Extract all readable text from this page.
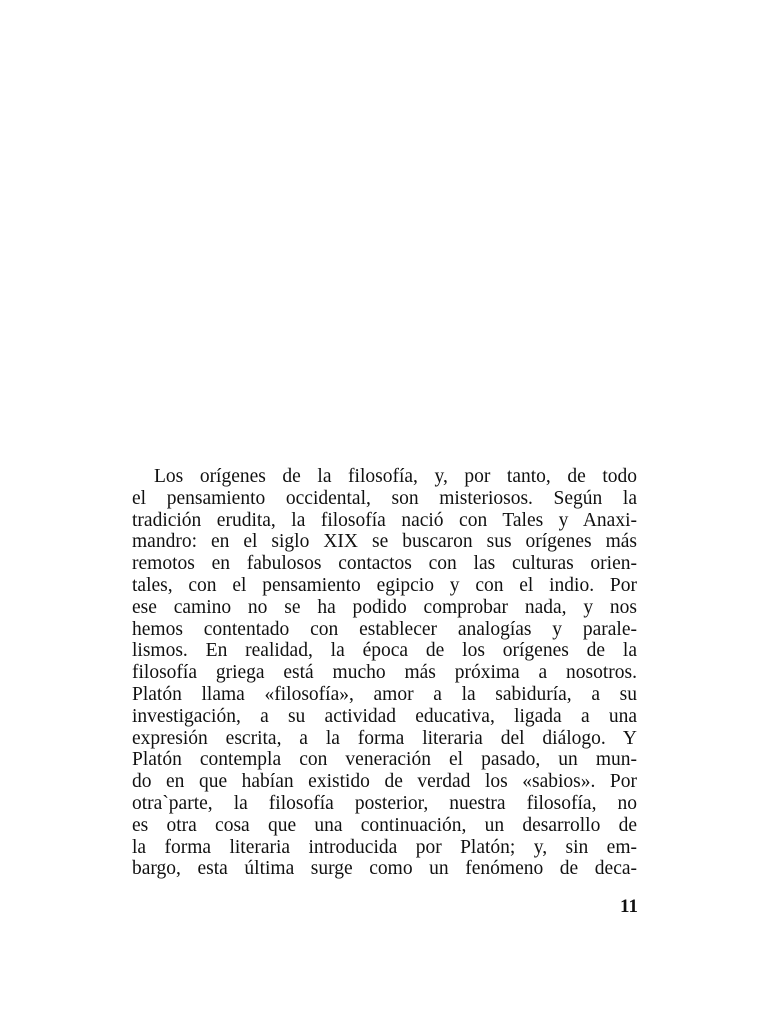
Los orígenes de la filosofía, y, por tanto, de todo
el pensamiento occidental, son misteriosos. Según la
tradición erudita, la filosofía nació con Tales y Anaxi-
mandro: en el siglo XIX se buscaron sus orígenes más
remotos en fabulosos contactos con las culturas orien-
tales, con el pensamiento egipcio y con el indio. Por
ese camino no se ha podido comprobar nada, y nos
hemos contentado con establecer analogías y parale-
lismos. En realidad, la época de los orígenes de la
filosofía griega está mucho más próxima a nosotros.
Platón llama «filosofía», amor a la sabiduría, a su
investigación, a su actividad educativa, ligada a una
expresión escrita, a la forma literaria del diálogo. Y
Platón contempla con veneración el pasado, un mun-
do en que habían existido de verdad los «sabios». Por
otra`parte, la filosofía posterior, nuestra filosofía, no
es otra cosa que una continuación, un desarrollo de
la forma literaria introducida por Platón; y, sin em-
bargo, esta última surge como un fenómeno de deca-
11
